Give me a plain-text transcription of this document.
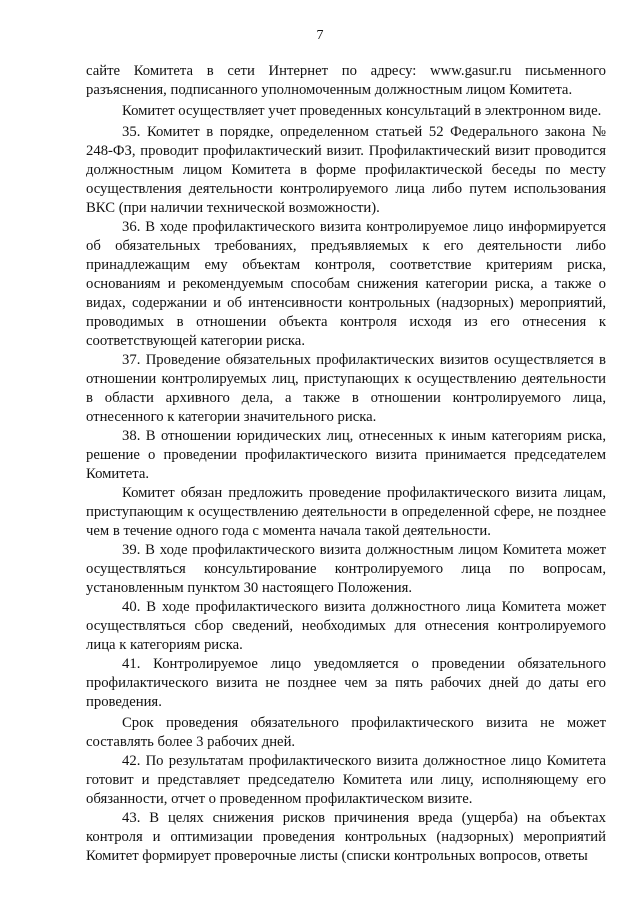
7

сайте Комитета в сети Интернет по адресу: www.gasur.ru письменного разъяснения, подписанного уполномоченным должностным лицом Комитета.

Комитет осуществляет учет проведенных консультаций в электронном виде.

35. Комитет в порядке, определенном статьей 52 Федерального закона № 248-ФЗ, проводит профилактический визит. Профилактический визит проводится должностным лицом Комитета в форме профилактической беседы по месту осуществления деятельности контролируемого лица либо путем использования ВКС (при наличии технической возможности).

36. В ходе профилактического визита контролируемое лицо информируется об обязательных требованиях, предъявляемых к его деятельности либо принадлежащим ему объектам контроля, соответствие критериям риска, основаниям и рекомендуемым способам снижения категории риска, а также о видах, содержании и об интенсивности контрольных (надзорных) мероприятий, проводимых в отношении объекта контроля исходя из его отнесения к соответствующей категории риска.

37. Проведение обязательных профилактических визитов осуществляется в отношении контролируемых лиц, приступающих к осуществлению деятельности в области архивного дела, а также в отношении контролируемого лица, отнесенного к категории значительного риска.

38. В отношении юридических лиц, отнесенных к иным категориям риска, решение о проведении профилактического визита принимается председателем Комитета.

Комитет обязан предложить проведение профилактического визита лицам, приступающим к осуществлению деятельности в определенной сфере, не позднее чем в течение одного года с момента начала такой деятельности.

39. В ходе профилактического визита должностным лицом Комитета может осуществляться консультирование контролируемого лица по вопросам, установленным пунктом 30 настоящего Положения.

40. В ходе профилактического визита должностного лица Комитета может осуществляться сбор сведений, необходимых для отнесения контролируемого лица к категориям риска.

41. Контролируемое лицо уведомляется о проведении обязательного профилактического визита не позднее чем за пять рабочих дней до даты его проведения.

Срок проведения обязательного профилактического визита не может составлять более 3 рабочих дней.

42. По результатам профилактического визита должностное лицо Комитета готовит и представляет председателю Комитета или лицу, исполняющему его обязанности, отчет о проведенном профилактическом визите.

43. В целях снижения рисков причинения вреда (ущерба) на объектах контроля и оптимизации проведения контрольных (надзорных) мероприятий Комитет формирует проверочные листы (списки контрольных вопросов, ответы
